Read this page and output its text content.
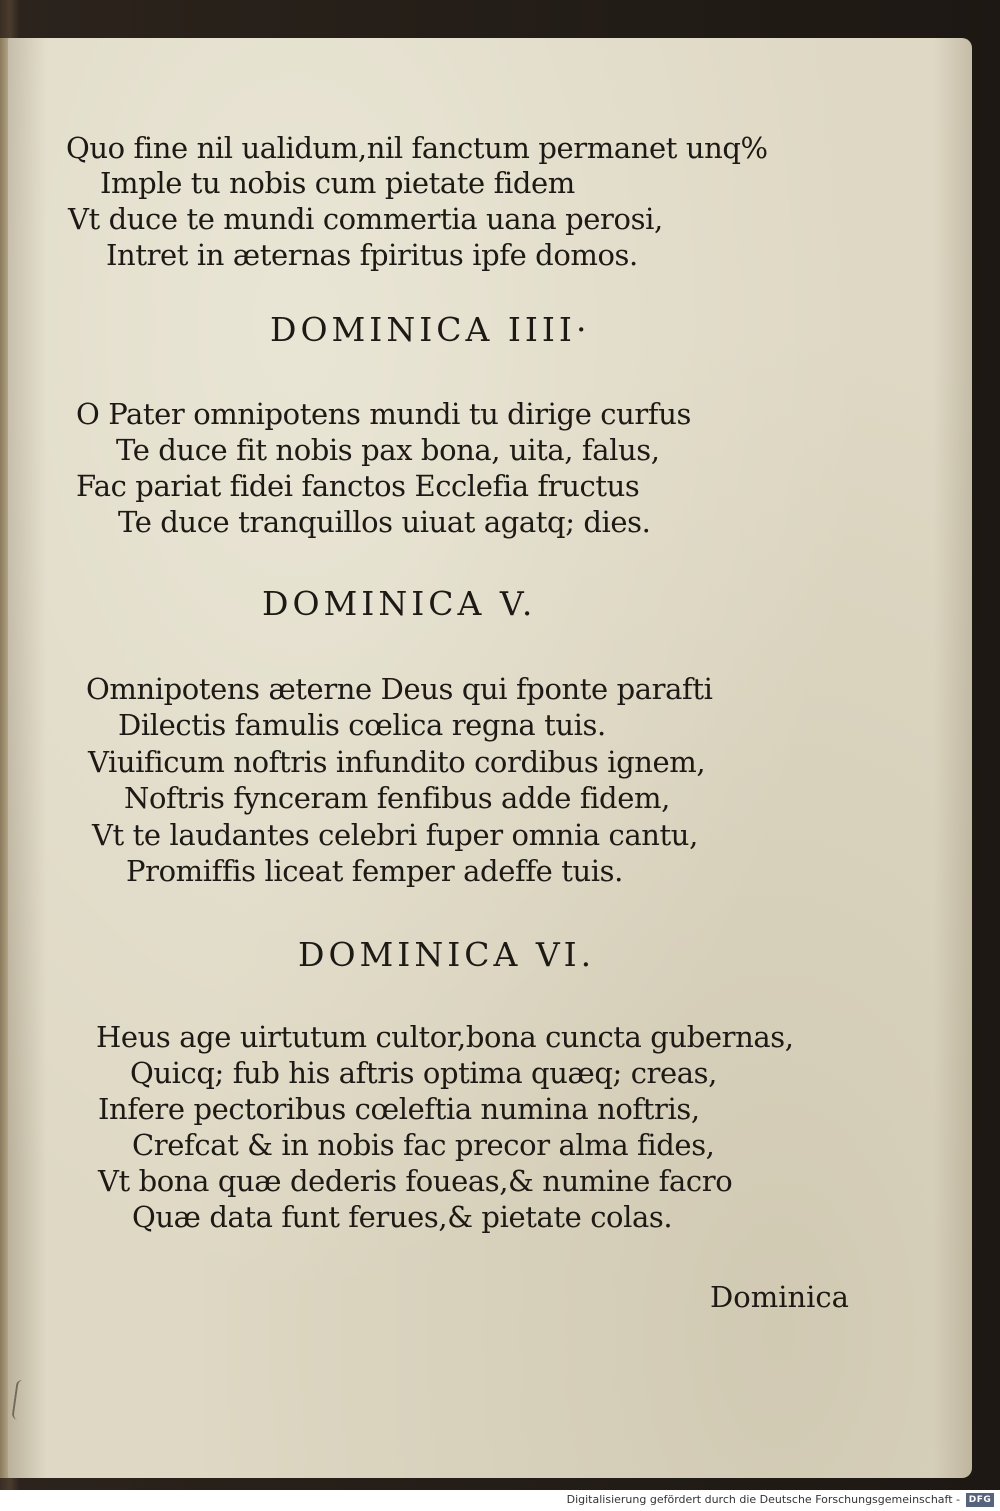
Quo fine nil ualidum,nil fanctum permanet unq%
Imple tu nobis cum pietate fidem
Vt duce te mundi commertia uana perosi,
Intret in æternas fpiritus ipfe domos.
DOMINICA IIII·
O Pater omnipotens mundi tu dirige curfus
Te duce fit nobis pax bona, uita, falus,
Fac pariat fidei fanctos Ecclefia fructus
Te duce tranquillos uiuat agatq; dies.
DOMINICA V.
Omnipotens æterne Deus qui fponte parafti
Dilectis famulis cœlica regna tuis.
Viuificum noftris infundito cordibus ignem,
Noftris fynceram fenfibus adde fidem,
Vt te laudantes celebri fuper omnia cantu,
Promiffis liceat femper adeffe tuis.
DOMINICA VI.
Heus age uirtutum cultor,bona cuncta gubernas,
Quicq; fub his aftris optima quæq; creas,
Infere pectoribus cœleftia numina noftris,
Crefcat & in nobis fac precor alma fides,
Vt bona quæ dederis foueas,& numine facro
Quæ data funt ferues,& pietate colas.
Dominica
Digitalisierung gefördert durch die Deutsche Forschungsgemeinschaft - DFG
